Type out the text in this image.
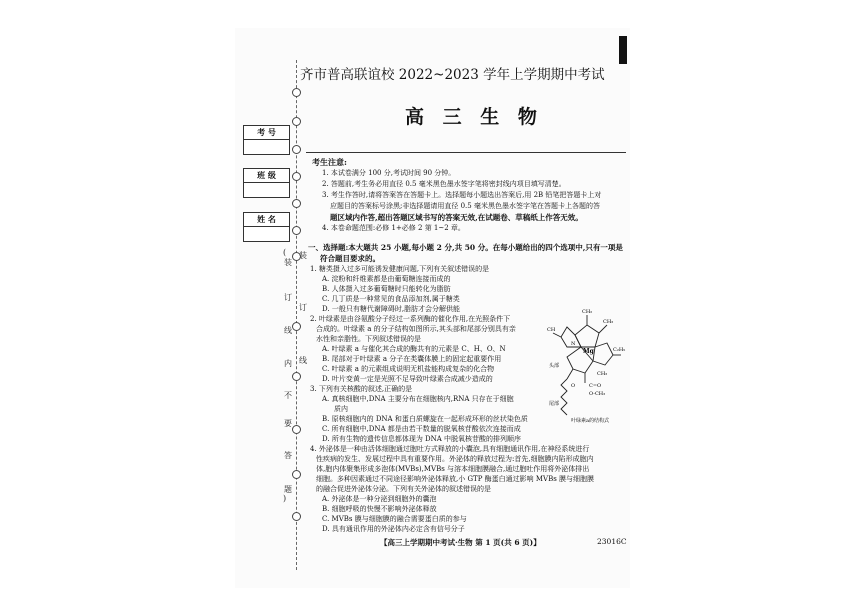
考 号
班 级
姓 名
(
装
订
线
内
不
要
答
题
)
装
订
线
齐市普高联谊校 2022~2023 学年上学期期中考试
高 三 生 物
考生注意:
1. 本试卷满分 100 分,考试时间 90 分钟。
2. 答题前,考生务必用直径 0.5 毫米黑色墨水签字笔将密封线内项目填写清楚。
3. 考生作答时,请将答案答在答题卡上。选择题每小题选出答案后,用 2B 铅笔把答题卡上对
应题目的答案标号涂黑;非选择题请用直径 0.5 毫米黑色墨水签字笔在答题卡上各题的答
题区域内作答,超出答题区域书写的答案无效,在试题卷、草稿纸上作答无效。
4. 本卷命题范围:必修 1+必修 2 第 1~2 章。
一、选择题:本大题共 25 小题,每小题 2 分,共 50 分。在每小题给出的四个选项中,只有一项是
符合题目要求的。
1. 糖类摄入过多可能诱发健康问题,下列有关叙述错误的是
A. 淀粉和纤维素都是由葡萄糖连接而成的
B. 人体摄入过多葡萄糖时只能转化为脂肪
C. 几丁质是一种常见的食品添加剂,属于糖类
D. 一般只有糖代谢障碍时,脂肪才会分解供能
2. 叶绿素是由谷氨酸分子经过一系列酶的催化作用,在光照条件下
合成的。叶绿素 a 的分子结构如图所示,其头部和尾部分别具有亲
水性和亲脂性。下列叙述错误的是
A. 叶绿素 a 与催化其合成的酶共有的元素是 C、H、O、N
B. 尾部对于叶绿素 a 分子在类囊体膜上的固定起重要作用
C. 叶绿素 a 的元素组成说明无机盐能构成复杂的化合物
D. 叶片变黄一定是光照不足导致叶绿素合成减少造成的
3. 下列有关核酸的叙述,正确的是
A. 真核细胞中,DNA 主要分布在细胞核内,RNA 只存在于细胞
质内
B. 原核细胞内的 DNA 和蛋白质螺旋在一起形成环形的丝状染色质
C. 所有细胞中,DNA 都是由若干数量的脱氧核苷酸依次连接而成
D. 所有生物的遗传信息都体现为 DNA 中脱氧核苷酸的排列顺序
4. 外泌体是一种由活体细胞通过胞吐方式释放的小囊泡,具有细胞通讯作用,在神经系统进行
性疾病的发生、发展过程中具有重要作用。外泌体的释放过程为:首先,细胞膜内陷形成胞内
体,胞内体聚集形成多泡体(MVBs),MVBs 与溶本细胞膜融合,通过胞吐作用将外泌体排出
细胞。多种因素通过不同途径影响外泌体释放,小 GTP 酶蛋白通过影响 MVBs 膜与细胞膜
的融合促进外泌体分泌。下列有关外泌体的叙述错误的是
A. 外泌体是一种分泌到细胞外的囊泡
B. 细胞呼吸的快慢不影响外泌体释放
C. MVBs 膜与细胞膜的融合需要蛋白质的参与
D. 具有通讯作用的外泌体内必定含有信号分子
CH₂
CH₃
CH
C₂H₅
N
Mg
CH₃
头部
尾部
C=O
O-CH₃
O
叶绿素a的结构式
【高三上学期期中考试·生物 第 1 页(共 6 页)】	23016C
